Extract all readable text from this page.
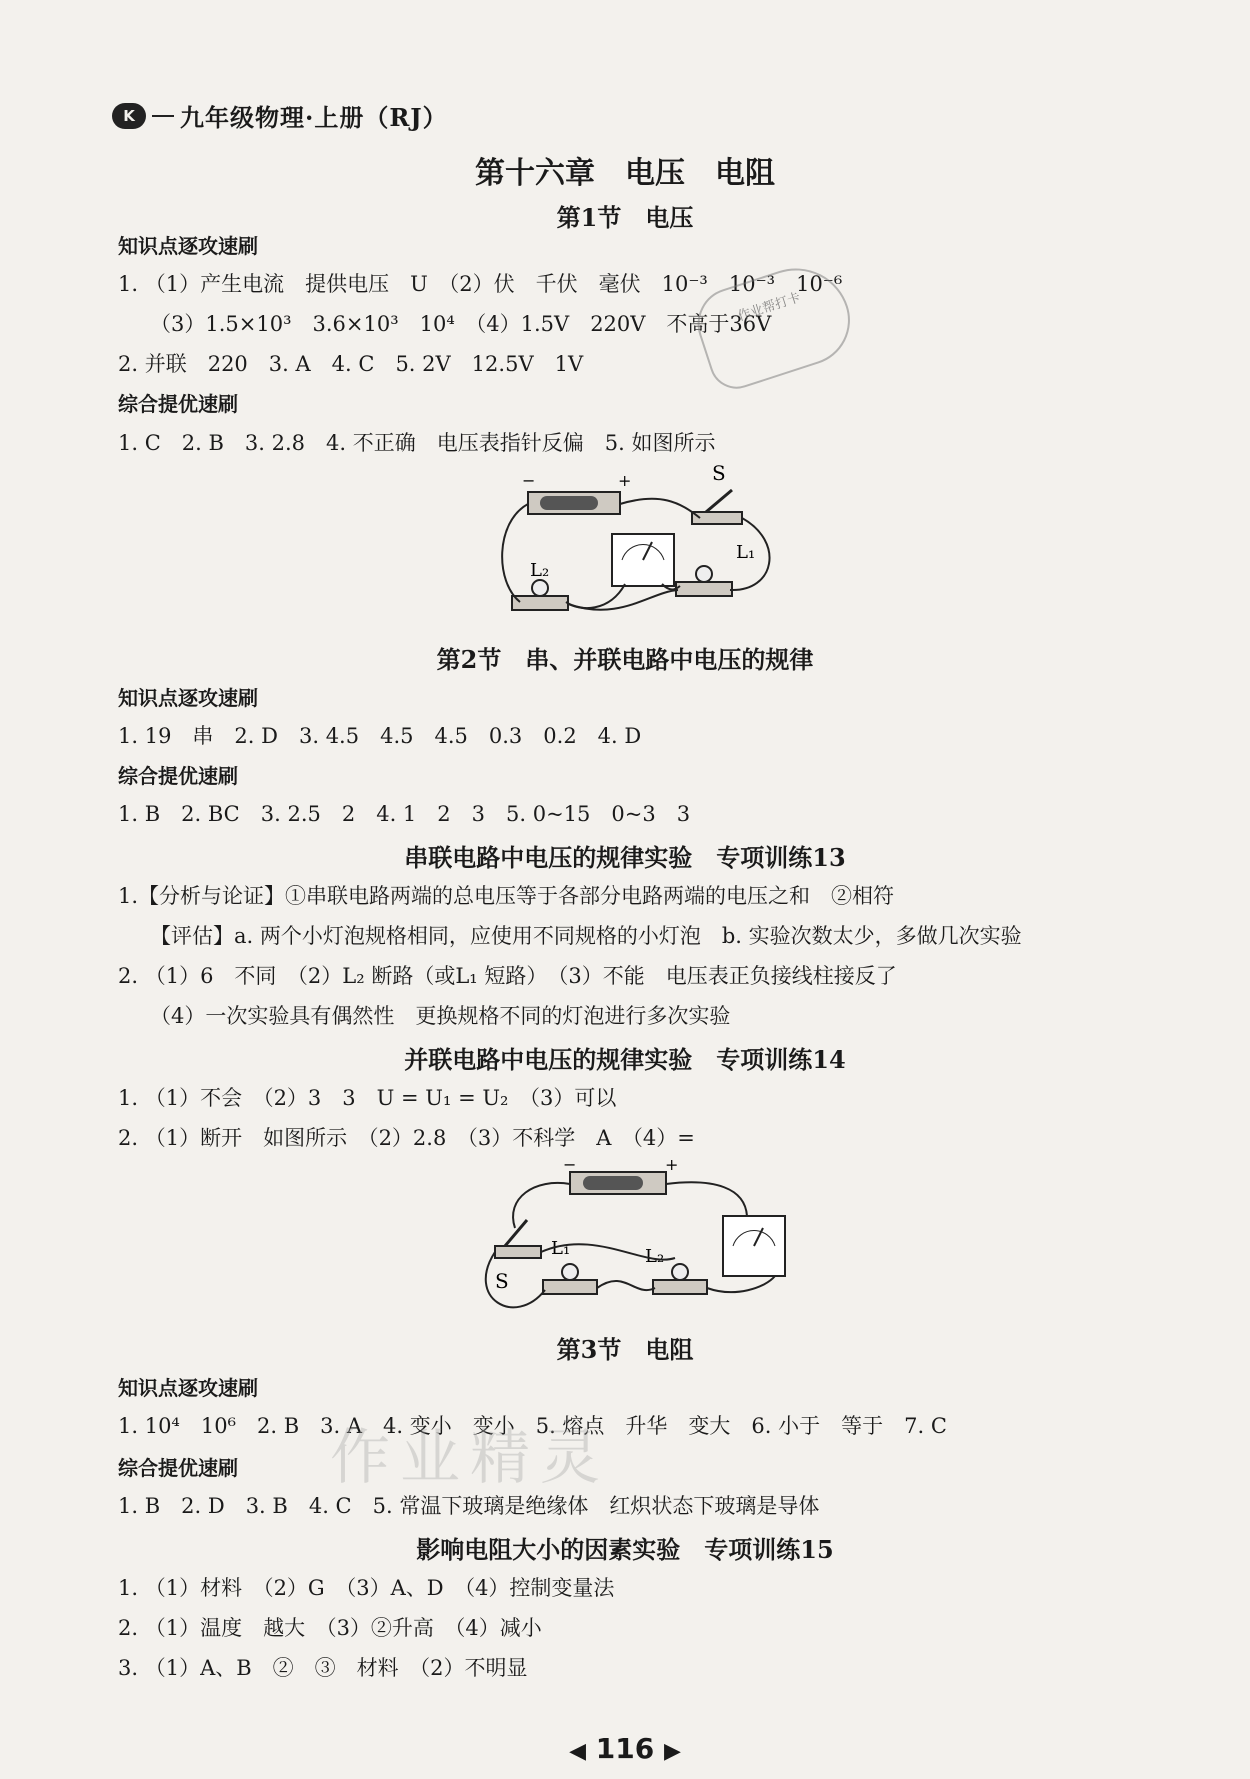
K	九年级物理·上册（RJ）
第十六章　电压　电阻
第1节　电压
知识点逐攻速刷
1. （1）产生电流　提供电压　U　（2）伏　千伏　毫伏　10⁻³　10⁻³　10⁻⁶
（3）1.5×10³　3.6×10³　10⁴　（4）1.5V　220V　不高于36V
2. 并联　220　3. A　4. C　5. 2V　12.5V　1V
综合提优速刷
1. C　2. B　3. 2.8　4. 不正确　电压表指针反偏　5. 如图所示
作业帮打卡
−	+	S
L₂
L₁
第2节　串、并联电路中电压的规律
知识点逐攻速刷
1. 19　串　2. D　3. 4.5　4.5　4.5　0.3　0.2　4. D
综合提优速刷
1. B　2. BC　3. 2.5　2　4. 1　2　3　5. 0~15　0~3　3
串联电路中电压的规律实验　专项训练13
1.【分析与论证】①串联电路两端的总电压等于各部分电路两端的电压之和　②相符
【评估】a. 两个小灯泡规格相同，应使用不同规格的小灯泡　b. 实验次数太少，多做几次实验
2. （1）6　不同　（2）L₂ 断路（或L₁ 短路）　（3）不能　电压表正负接线柱接反了
（4）一次实验具有偶然性　更换规格不同的灯泡进行多次实验
并联电路中电压的规律实验　专项训练14
1. （1）不会　（2）3　3　U = U₁ = U₂　（3）可以
2. （1）断开　如图所示　（2）2.8　（3）不科学　A　（4）=
−	+
S
L₁	L₂
第3节　电阻
知识点逐攻速刷
1. 10⁴　10⁶　2. B　3. A　4. 变小　变小　5. 熔点　升华　变大　6. 小于　等于　7. C
综合提优速刷
1. B　2. D　3. B　4. C　5. 常温下玻璃是绝缘体　红炽状态下玻璃是导体
作业精灵
影响电阻大小的因素实验　专项训练15
1. （1）材料　（2）G　（3）A、D　（4）控制变量法
2. （1）温度　越大　（3）②升高　（4）减小
3. （1）A、B　②　③　材料　（2）不明显
◀ 116 ▶
